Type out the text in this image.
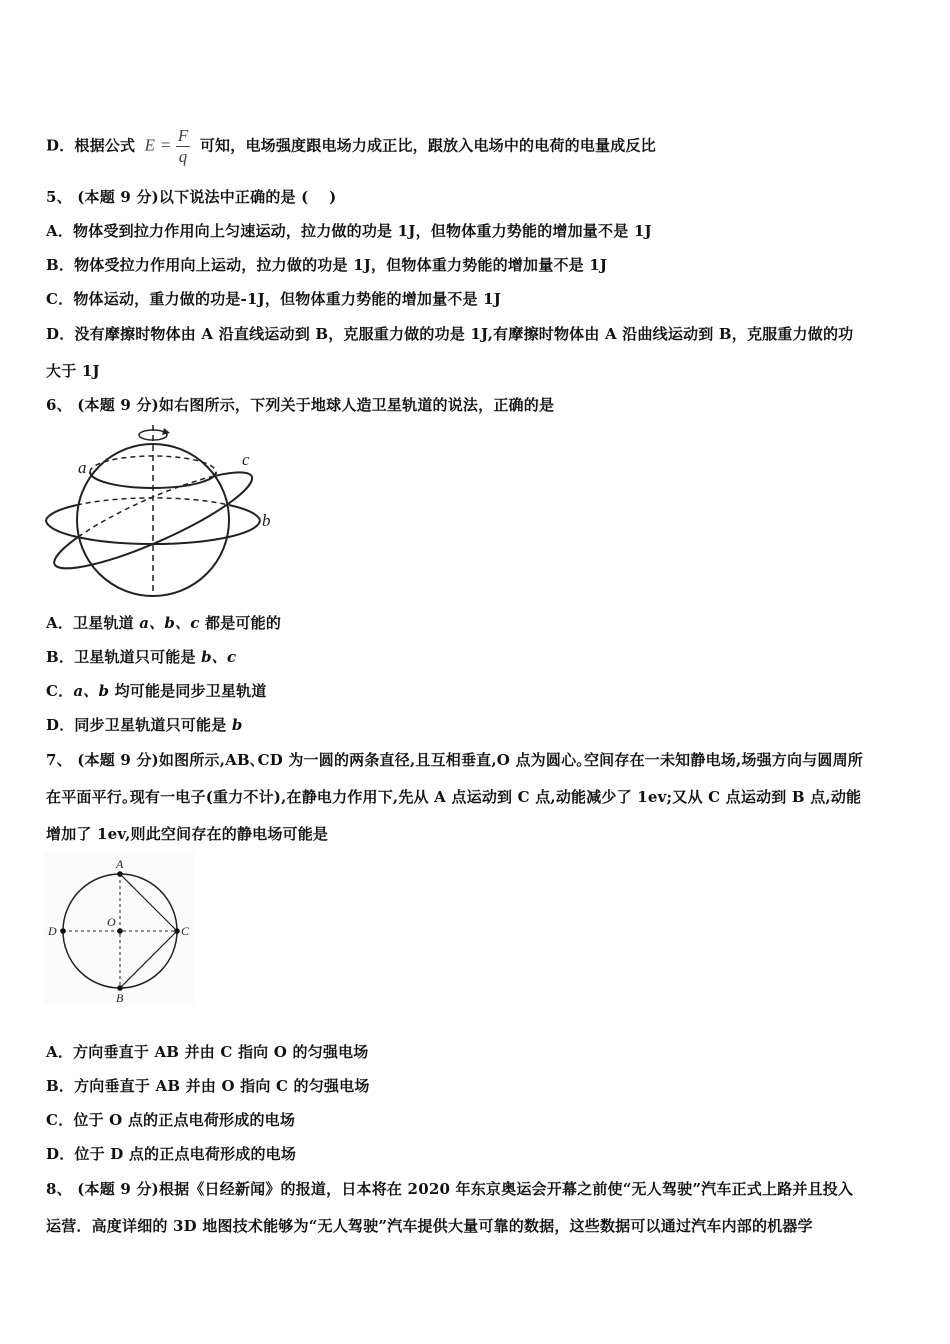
D．根据公式 $E = \frac{F}{q}$ 可知，电场强度跟电场力成正比，跟放入电场中的电荷的电量成反比
5、 (本题 9 分)以下说法中正确的是 (　 )
A．物体受到拉力作用向上匀速运动，拉力做的功是 1J，但物体重力势能的增加量不是 1J
B．物体受拉力作用向上运动，拉力做的功是 1J，但物体重力势能的增加量不是 1J
C．物体运动，重力做的功是-1J，但物体重力势能的增加量不是 1J
D．没有摩擦时物体由 A 沿直线运动到 B，克服重力做的功是 1J,有摩擦时物体由 A 沿曲线运动到 B，克服重力做的功
大于 1J
6、 (本题 9 分)如右图所示，下列关于地球人造卫星轨道的说法，正确的是
a	c
b
A．卫星轨道 a、b、c 都是可能的
B．卫星轨道只可能是 b、c
C．a、b 均可能是同步卫星轨道
D．同步卫星轨道只可能是 b
7、 (本题 9 分)如图所示,AB､CD 为一圆的两条直径,且互相垂直,O 点为圆心｡空间存在一未知静电场,场强方向与圆周所
在平面平行｡现有一电子(重力不计),在静电力作用下,先从 A 点运动到 C 点,动能减少了 1ev;又从 C 点运动到 B 点,动能
增加了 1ev,则此空间存在的静电场可能是
A
B
C
D
O
A．方向垂直于 AB 并由 C 指向 O 的匀强电场
B．方向垂直于 AB 并由 O 指向 C 的匀强电场
C．位于 O 点的正点电荷形成的电场
D．位于 D 点的正点电荷形成的电场
8、 (本题 9 分)根据《日经新闻》的报道，日本将在 2020 年东京奥运会开幕之前使“无人驾驶”汽车正式上路并且投入
运营．高度详细的 3D 地图技术能够为“无人驾驶”汽车提供大量可靠的数据，这些数据可以通过汽车内部的机器学
